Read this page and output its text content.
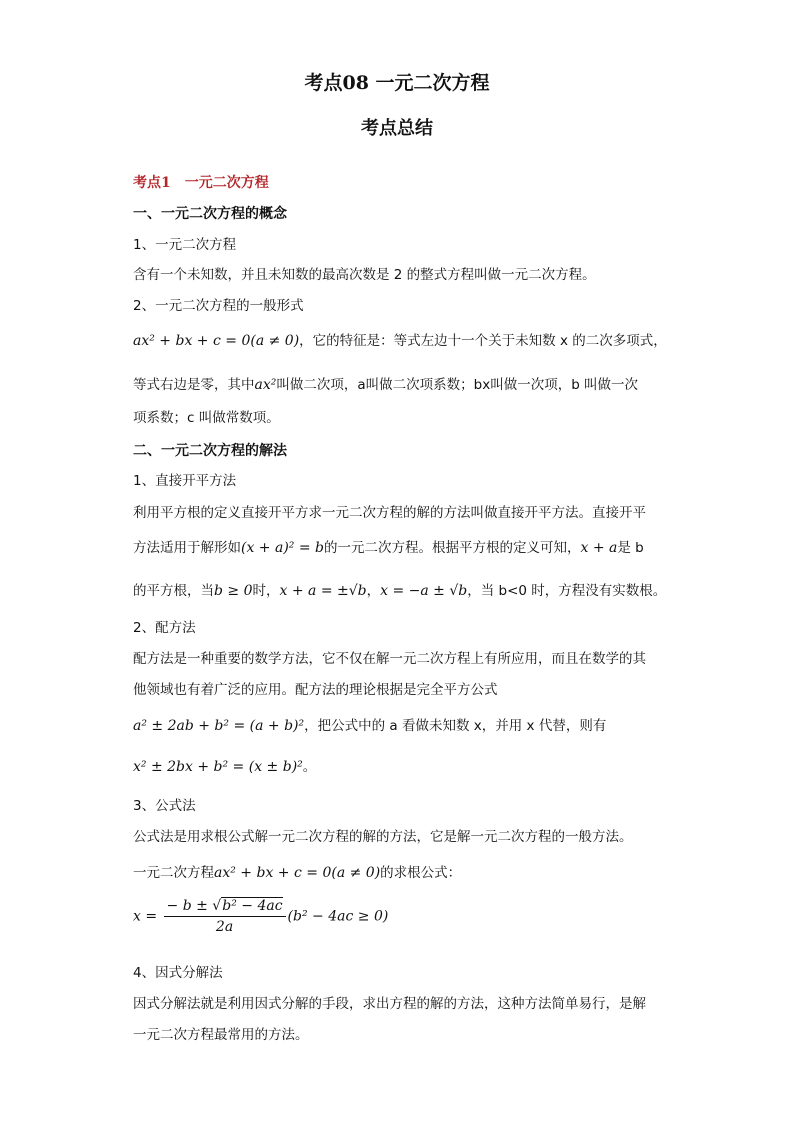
考点08 一元二次方程
考点总结
考点1　一元二次方程
一、一元二次方程的概念
1、一元二次方程
含有一个未知数，并且未知数的最高次数是 2 的整式方程叫做一元二次方程。
2、一元二次方程的一般形式
ax² + bx + c = 0(a ≠ 0)，它的特征是：等式左边十一个关于未知数 x 的二次多项式，
等式右边是零，其中ax²叫做二次项，a叫做二次项系数；bx叫做一次项，b 叫做一次
项系数；c 叫做常数项。
二、一元二次方程的解法
1、直接开平方法
利用平方根的定义直接开平方求一元二次方程的解的方法叫做直接开平方法。直接开平
方法适用于解形如(x + a)² = b的一元二次方程。根据平方根的定义可知，x + a是 b
的平方根，当b ≥ 0时，x + a = ±√b，x = −a ± √b，当 b<0 时，方程没有实数根。
2、配方法
配方法是一种重要的数学方法，它不仅在解一元二次方程上有所应用，而且在数学的其
他领域也有着广泛的应用。配方法的理论根据是完全平方公式
a² ± 2ab + b² = (a + b)²，把公式中的 a 看做未知数 x，并用 x 代替，则有
x² ± 2bx + b² = (x ± b)²。
3、公式法
公式法是用求根公式解一元二次方程的解的方法，它是解一元二次方程的一般方法。
一元二次方程ax² + bx + c = 0(a ≠ 0)的求根公式：
$x = \frac{\text{− b ± √b² − 4ac}}{2a} (b^2 - 4ac \ge 0)$
4、因式分解法
因式分解法就是利用因式分解的手段，求出方程的解的方法，这种方法简单易行，是解
一元二次方程最常用的方法。
